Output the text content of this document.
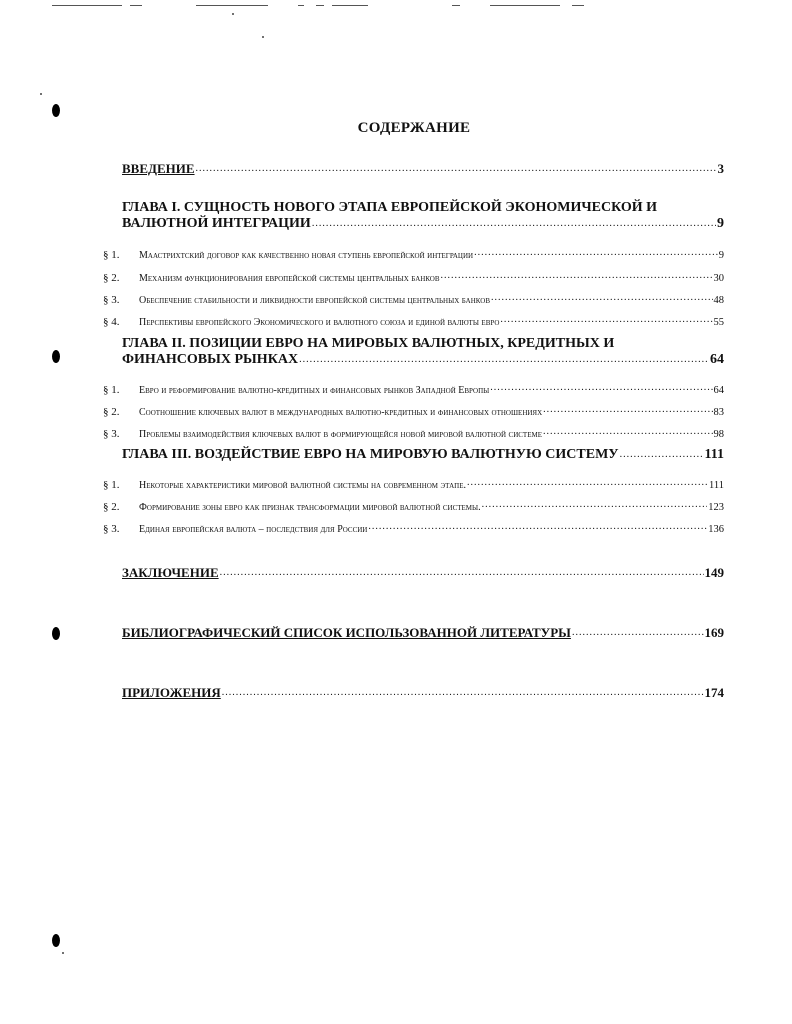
СОДЕРЖАНИЕ
ВВЕДЕНИЕ .....	3
ГЛАВА I. СУЩНОСТЬ НОВОГО ЭТАПА ЕВРОПЕЙСКОЙ ЭКОНОМИЧЕСКОЙ И
ВАЛЮТНОЙ ИНТЕГРАЦИИ .....	9
§ 1. Маастрихтский договор как качественно новая ступень европейской интеграции .....	9
§ 2. Механизм функционирования европейской системы центральных банков .....	30
§ 3. Обеспечение стабильности и ликвидности европейской системы центральных банков .....	48
§ 4. Перспективы европейского Экономического и валютного союза и единой валюты евро .....	55
ГЛАВА II. ПОЗИЦИИ ЕВРО НА МИРОВЫХ ВАЛЮТНЫХ, КРЕДИТНЫХ И
ФИНАНСОВЫХ РЫНКАХ .....	64
§ 1. Евро и реформирование валютно-кредитных и финансовых рынков Западной Европы .....	64
§ 2. Соотношение ключевых валют в международных валютно-кредитных и финансовых отношениях .....	83
§ 3. Проблемы взаимодействия ключевых валют в формирующейся новой мировой валютной системе .....	98
ГЛАВА III. ВОЗДЕЙСТВИЕ ЕВРО НА МИРОВУЮ ВАЛЮТНУЮ СИСТЕМУ .....	111
§ 1. Некоторые характеристики мировой валютной системы на современном этапе. .....	111
§ 2. Формирование зоны евро как признак трансформации мировой валютной системы. .....	123
§ 3. Единая европейская валюта – последствия для России .....	136
ЗАКЛЮЧЕНИЕ .....	149
БИБЛИОГРАФИЧЕСКИЙ СПИСОК ИСПОЛЬЗОВАННОЙ ЛИТЕРАТУРЫ .....	169
ПРИЛОЖЕНИЯ .....	174
